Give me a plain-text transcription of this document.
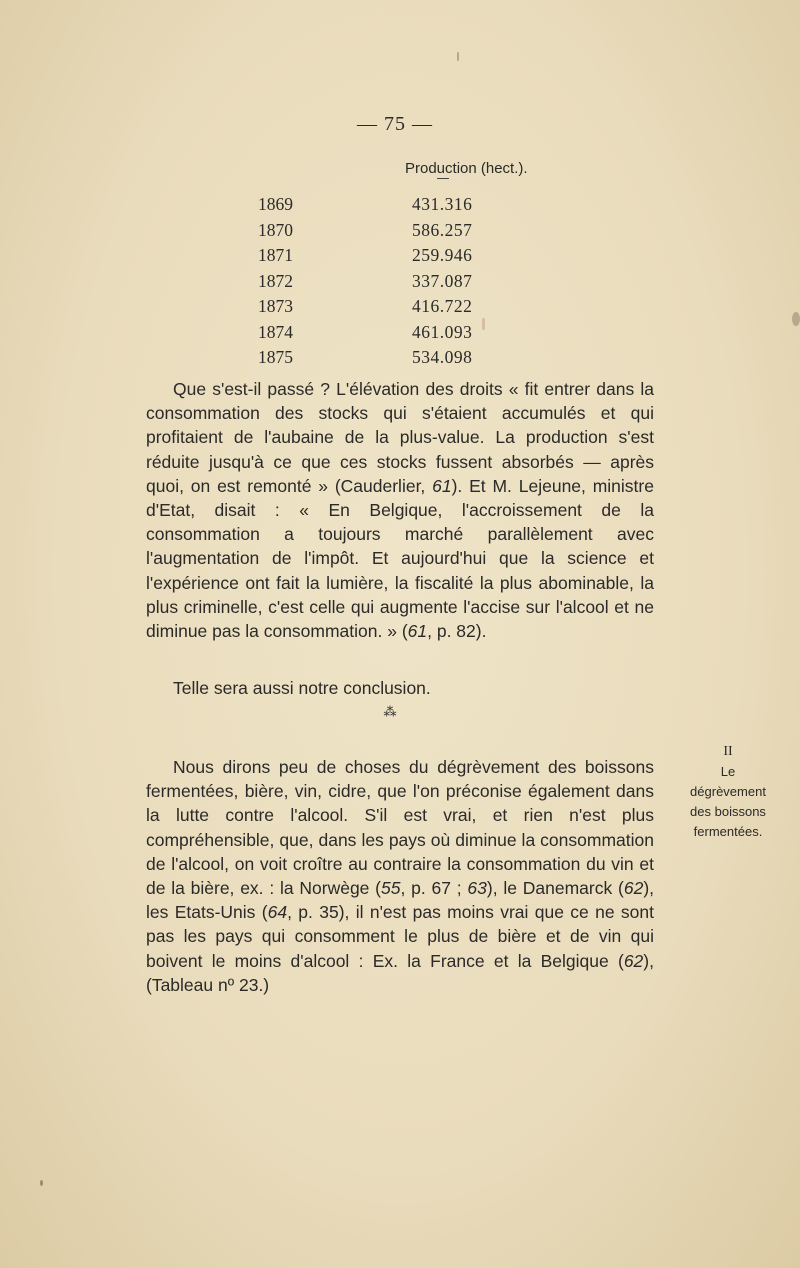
— 75 —
Production (hect.).
1869	431.316
1870	586.257
1871	259.946
1872	337.087
1873	416.722
1874	461.093
1875	534.098

Que s'est-il passé ? L'élévation des droits « fit entrer dans la consommation des stocks qui s'étaient accumulés et qui profitaient de l'aubaine de la plus-value. La production s'est réduite jusqu'à ce que ces stocks fussent absorbés — après quoi, on est remonté » (Cauderlier, 61). Et M. Lejeune, ministre d'Etat, disait : « En Belgique, l'accroissement de la consommation a toujours marché parallèlement avec l'augmentation de l'impôt. Et aujourd'hui que la science et l'expérience ont fait la lumière, la fiscalité la plus abominable, la plus criminelle, c'est celle qui augmente l'accise sur l'alcool et ne diminue pas la consommation. » (61, p. 82).

Telle sera aussi notre conclusion.

⁂

Nous dirons peu de choses du dégrèvement des boissons fermentées, bière, vin, cidre, que l'on préconise également dans la lutte contre l'alcool. S'il est vrai, et rien n'est plus compréhensible, que, dans les pays où diminue la consommation de l'alcool, on voit croître au contraire la consommation du vin et de la bière, ex. : la Norwège (55, p. 67 ; 63), le Danemarck (62), les Etats-Unis (64, p. 35), il n'est pas moins vrai que ce ne sont pas les pays qui consomment le plus de bière et de vin qui boivent le moins d'alcool : Ex. la France et la Belgique (62), (Tableau nº 23.)

II
Le
dégrèvement
des boissons
fermentées.
